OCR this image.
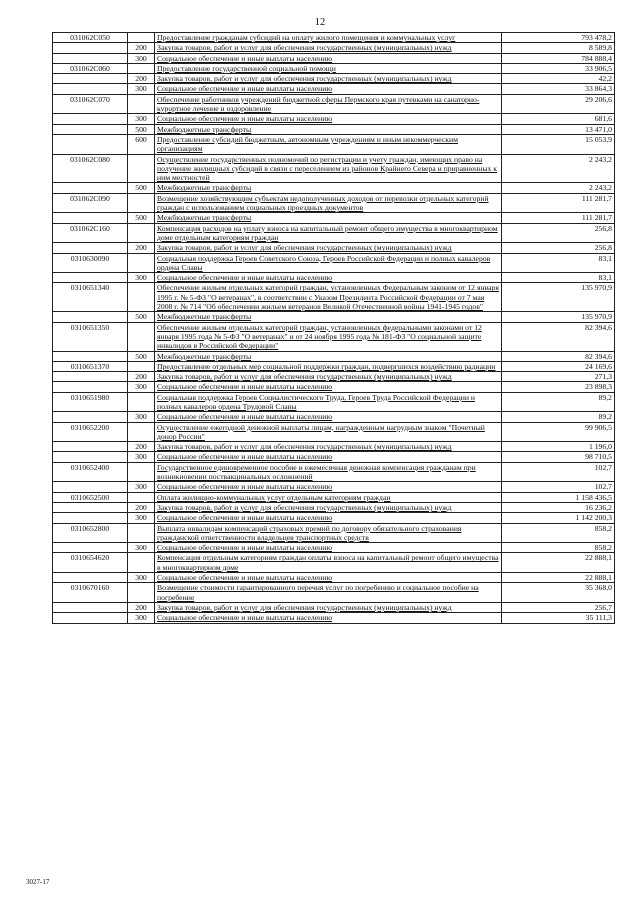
12
031062C050		Предоставление гражданам субсидий на оплату жилого помещения и коммунальных услуг	793 478,2
	200	Закупка товаров, работ и услуг для обеспечения государственных (муниципальных) нужд	8 589,8
	300	Социальное обеспечение и иные выплаты населению	784 888,4
031062C060		Предоставление государственной социальной помощи	33 906,5
	200	Закупка товаров, работ и услуг для обеспечения государственных (муниципальных) нужд	42,2
	300	Социальное обеспечение и иные выплаты населению	33 864,3
031062C070		Обеспечение работников учреждений бюджетной сферы Пермского края путевками на санаторно-курортное лечение и оздоровление	29 206,6
	300	Социальное обеспечение и иные выплаты населению	681,6
	500	Межбюджетные трансферты	13 471,0
	600	Предоставление субсидий бюджетным, автономным учреждениям и иным некоммерческим организациям	15 053,9
031062C080		Осуществление государственных полномочий по регистрации и учету граждан, имеющих право на получение жилищных субсидий в связи с переселением из районов Крайнего Севера и приравненных к ним местностей	2 243,2
	500	Межбюджетные трансферты	2 243,2
031062C090		Возмещение хозяйствующим субъектам недополученных доходов от перевозки отдельных категорий граждан с использованием социальных проездных документов	111 281,7
	500	Межбюджетные трансферты	111 281,7
031062C160		Компенсация расходов на уплату взноса на капитальный ремонт общего имущества в многоквартирном доме отдельным категориям граждан	256,8
	200	Закупка товаров, работ и услуг для обеспечения государственных (муниципальных) нужд	256,8
0310630090		Социальная поддержка Героев Советского Союза, Героев Российской Федерации и полных кавалеров ордена Славы	83,1
	300	Социальное обеспечение и иные выплаты населению	83,1
0310651340		Обеспечение жильем отдельных категорий граждан, установленных Федеральным законом от 12 января 1995 г. № 5-ФЗ "О ветеранах", в соответствии с Указом Президента Российской Федерации от 7 мая 2008 г. № 714 "Об обеспечении жильем ветеранов Великой Отечественной войны 1941-1945 годов"	135 970,9
	500	Межбюджетные трансферты	135 970,9
0310651350		Обеспечение жильем отдельных категорий граждан, установленных федеральными законами от 12 января 1995 года № 5-ФЗ "О ветеранах" и от 24 ноября 1995 года № 181-ФЗ "О социальной защите инвалидов в Российской Федерации"	82 394,6
	500	Межбюджетные трансферты	82 394,6
0310651370		Предоставление отдельных мер социальной поддержки граждан, подвергшихся воздействию радиации	24 169,6
	200	Закупка товаров, работ и услуг для обеспечения государственных (муниципальных) нужд	271,3
	300	Социальное обеспечение и иные выплаты населению	23 898,3
0310651980		Социальная поддержка Героев Социалистического Труда, Героев Труда Российской Федерации и полных кавалеров ордена Трудовой Славы	89,2
	300	Социальное обеспечение и иные выплаты населению	89,2
0310652200		Осуществление ежегодной денежной выплаты лицам, награжденным нагрудным знаком "Почетный донор России"	99 906,5
	200	Закупка товаров, работ и услуг для обеспечения государственных (муниципальных) нужд	1 196,0
	300	Социальное обеспечение и иные выплаты населению	98 710,5
0310652400		Государственное единовременное пособие и ежемесячная денежная компенсация гражданам при возникновении поствакцинальных осложнений	102,7
	300	Социальное обеспечение и иные выплаты населению	102,7
0310652500		Оплата жилищно-коммунальных услуг отдельным категориям граждан	1 158 436,5
	200	Закупка товаров, работ и услуг для обеспечения государственных (муниципальных) нужд	16 236,2
	300	Социальное обеспечение и иные выплаты населению	1 142 200,3
0310652800		Выплата инвалидам компенсаций страховых премий по договору обязательного страхования гражданской ответственности владельцев транспортных средств	858,2
	300	Социальное обеспечение и иные выплаты населению	858,2
0310654620		Компенсация отдельным категориям граждан оплаты взноса на капитальный ремонт общего имущества в многоквартирном доме	22 888,1
	300	Социальное обеспечение и иные выплаты населению	22 888,1
0310670160		Возмещение стоимости гарантированного перечня услуг по погребению и социальное пособие на погребение	35 368,0
	200	Закупка товаров, работ и услуг для обеспечения государственных (муниципальных) нужд	256,7
	300	Социальное обеспечение и иные выплаты населению	35 111,3
3027-17
